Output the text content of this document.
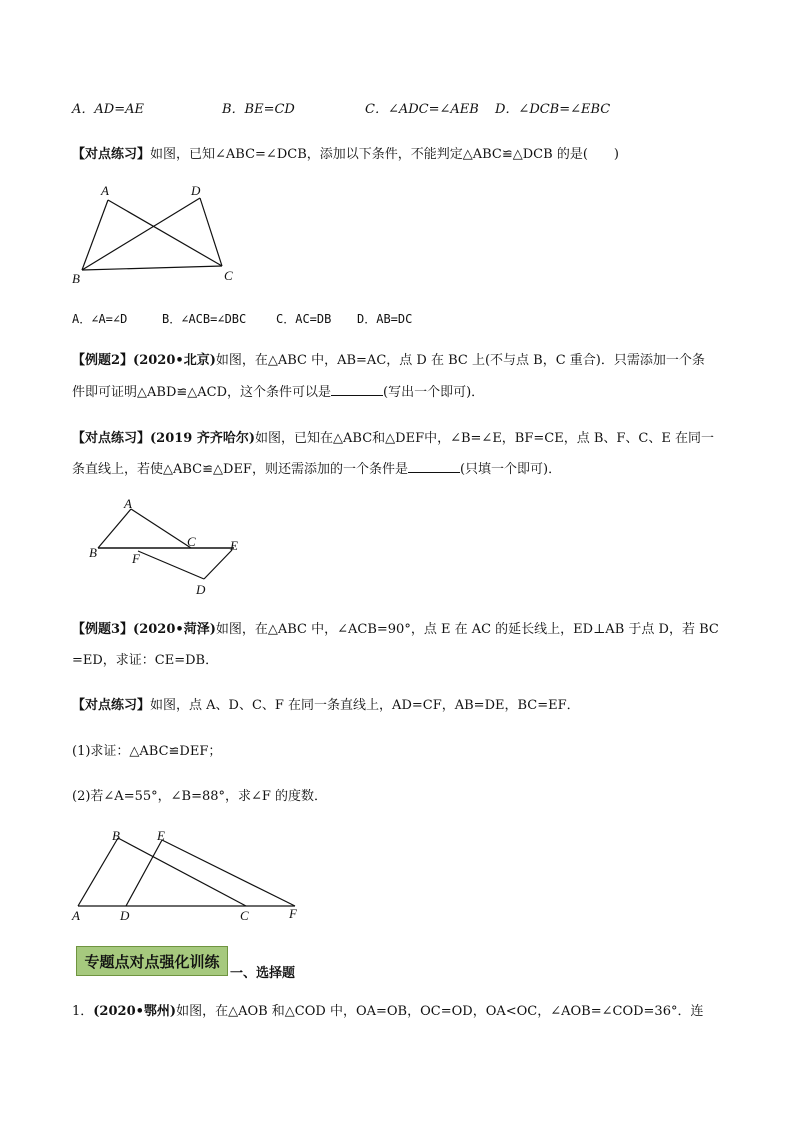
A．AD=AE	B．BE=CD	C．∠ADC=∠AEB D．∠DCB=∠EBC
【对点练习】如图，已知∠ABC=∠DCB，添加以下条件，不能判定△ABC≌△DCB 的是(　　)
A	D
B	C
A．∠A=∠D	B．∠ACB=∠DBC C．AC=DB D．AB=DC
【例题2】(2020•北京)如图，在△ABC 中，AB=AC，点 D 在 BC 上(不与点 B，C 重合)．只需添加一个条
件即可证明△ABD≌△ACD，这个条件可以是	(写出一个即可)．
【对点练习】(2019 齐齐哈尔)如图，已知在△ABC和△DEF中，∠B=∠E，BF=CE，点 B、F、C、E 在同一
条直线上，若使△ABC≌△DEF，则还需添加的一个条件是	(只填一个即可)．
A
B
C	E
F
D
【例题3】(2020•菏泽)如图，在△ABC 中，∠ACB=90°，点 E 在 AC 的延长线上，ED⊥AB 于点 D，若 BC
=ED，求证：CE=DB．
【对点练习】如图，点 A、D、C、F 在同一条直线上，AD=CF，AB=DE，BC=EF．
(1)求证：△ABC≌DEF；
(2)若∠A=55°，∠B=88°，求∠F 的度数．
B	E
A	D	C	F
专题点对点强化训练
一、选择题
1．(2020•鄂州)如图，在△AOB 和△COD 中，OA=OB，OC=OD，OA<OC，∠AOB=∠COD=36°．连
